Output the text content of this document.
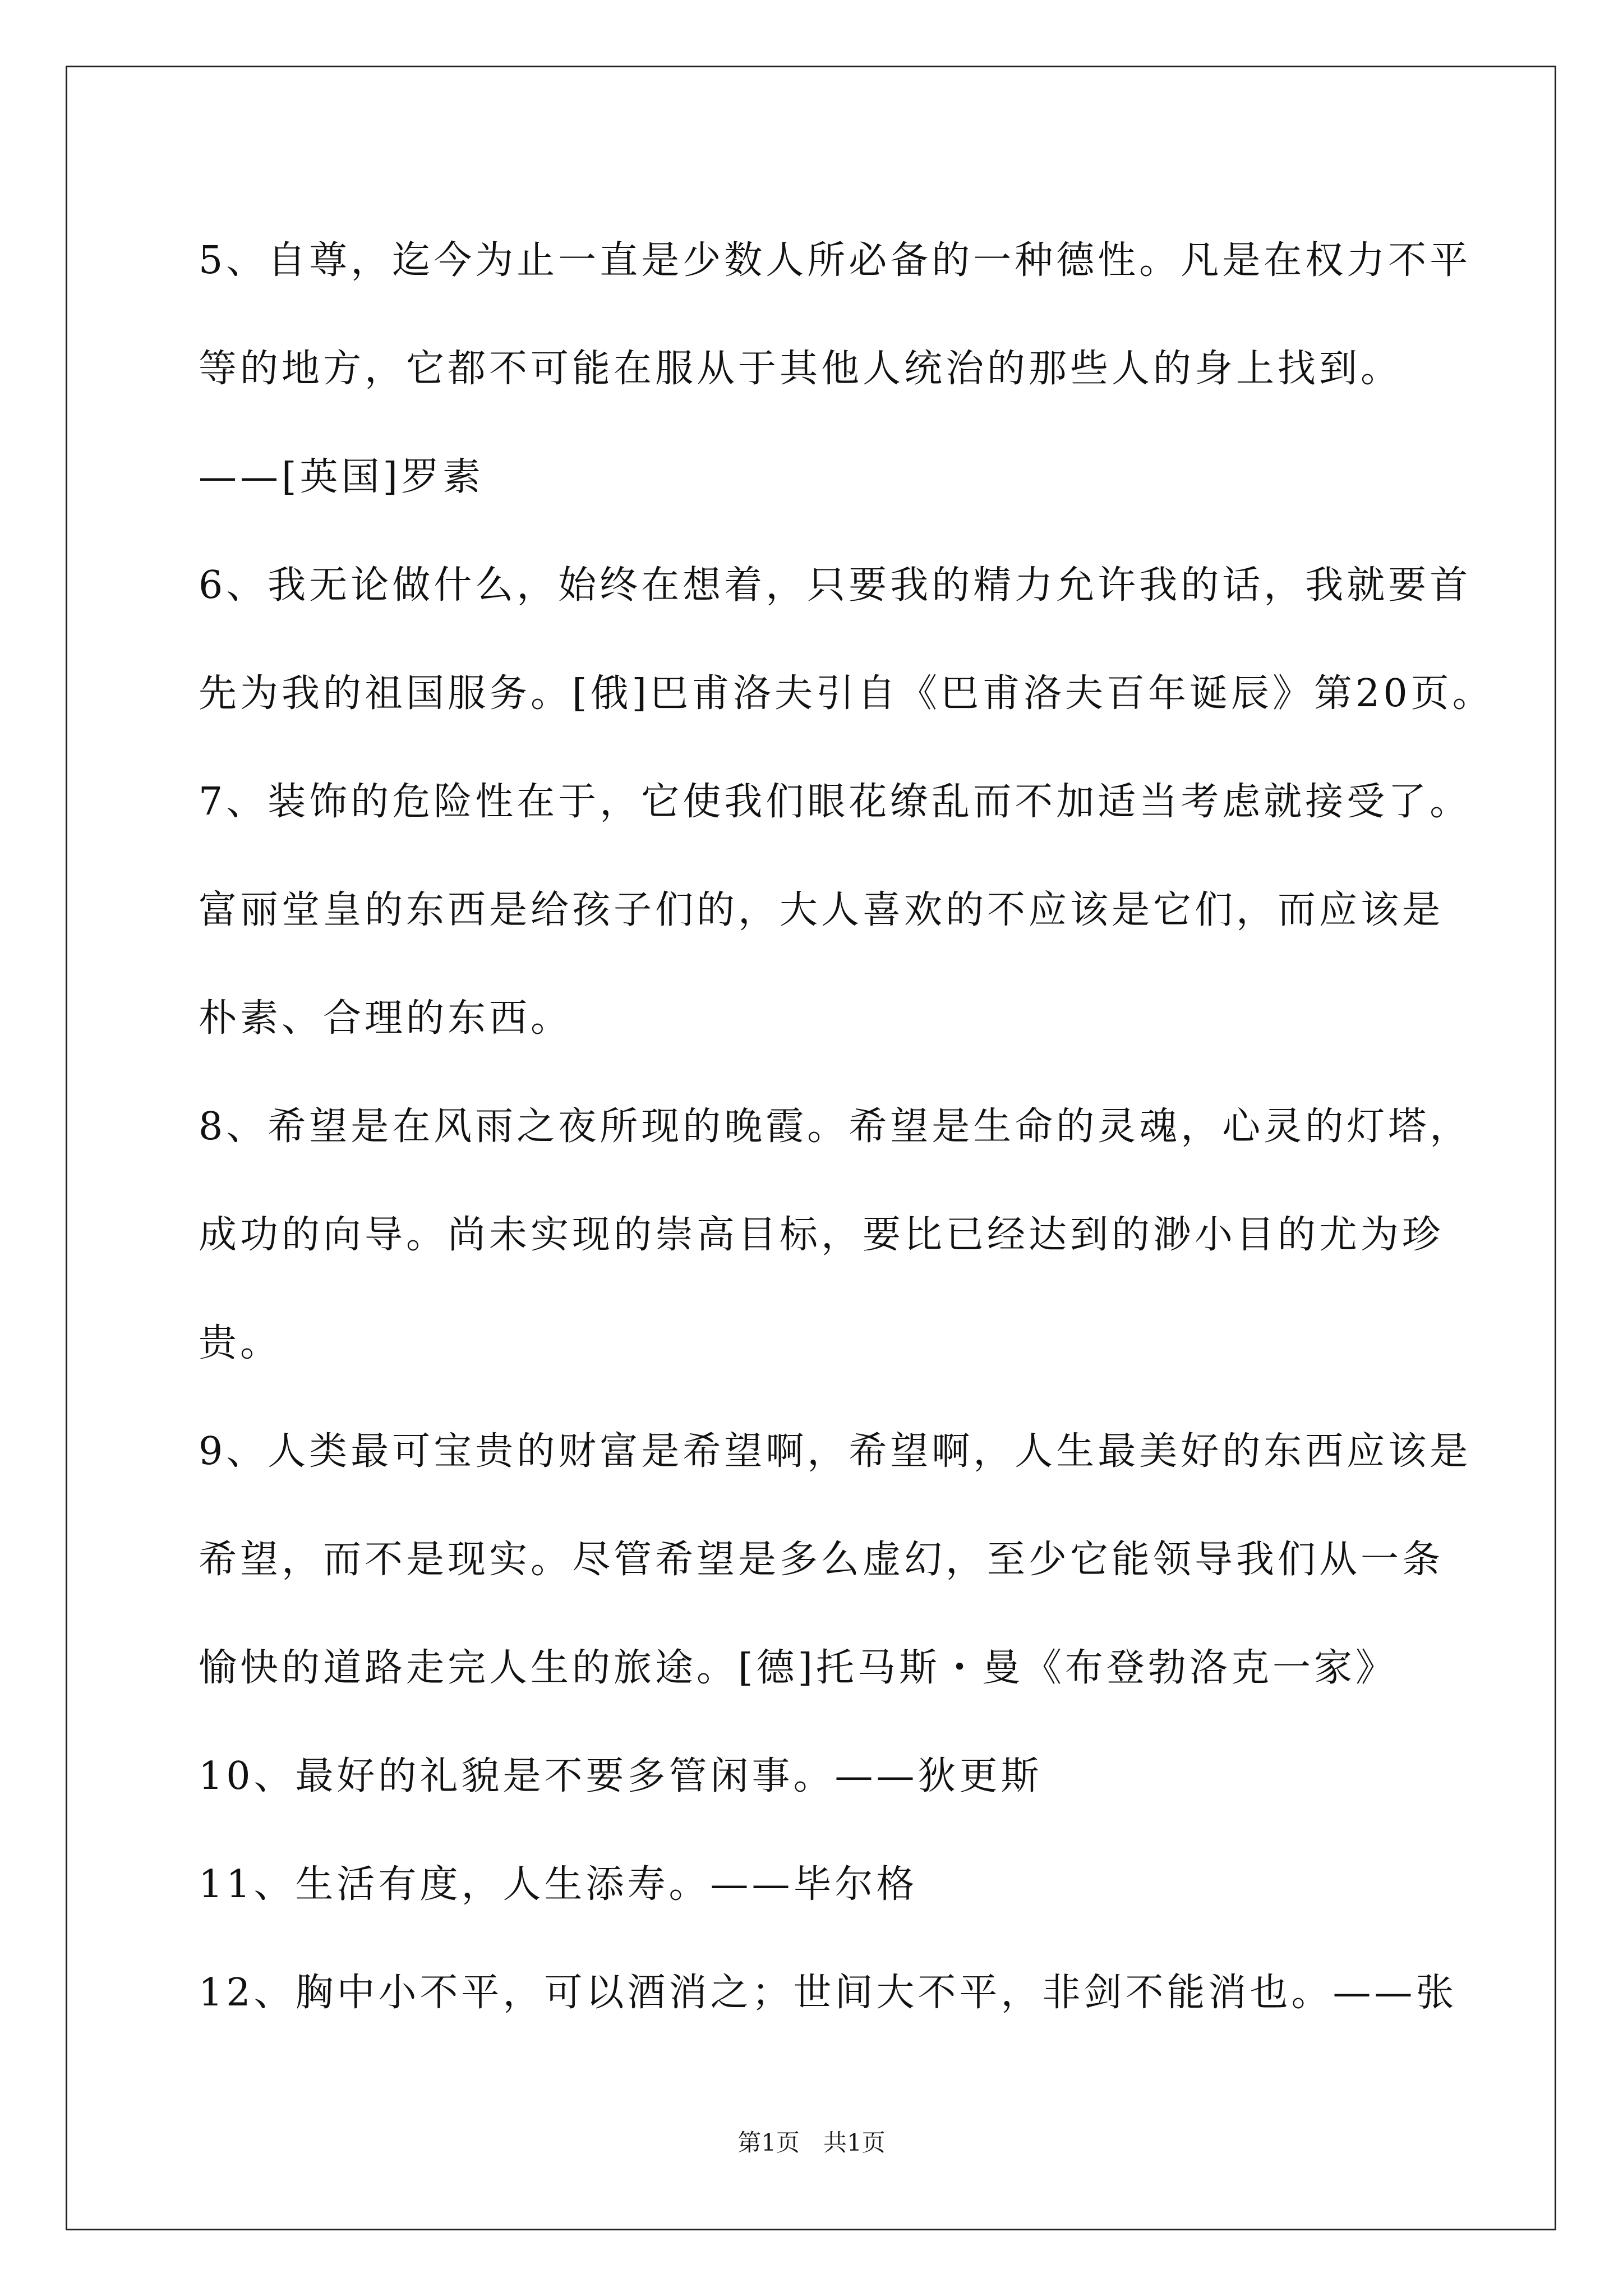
5、自尊，迄今为止一直是少数人所必备的一种德性。凡是在权力不平
等的地方，它都不可能在服从于其他人统治的那些人的身上找到。
——[英国]罗素
6、我无论做什么，始终在想着，只要我的精力允许我的话，我就要首
先为我的祖国服务。[俄]巴甫洛夫引自《巴甫洛夫百年诞辰》第20页。
7、装饰的危险性在于，它使我们眼花缭乱而不加适当考虑就接受了。
富丽堂皇的东西是给孩子们的，大人喜欢的不应该是它们，而应该是
朴素、合理的东西。
8、希望是在风雨之夜所现的晚霞。希望是生命的灵魂，心灵的灯塔，
成功的向导。尚未实现的崇高目标，要比已经达到的渺小目的尤为珍
贵。
9、人类最可宝贵的财富是希望啊，希望啊，人生最美好的东西应该是
希望，而不是现实。尽管希望是多么虚幻，至少它能领导我们从一条
愉快的道路走完人生的旅途。[德]托马斯・曼《布登勃洛克一家》
10、最好的礼貌是不要多管闲事。——狄更斯
11、生活有度，人生添寿。——毕尔格
12、胸中小不平，可以酒消之；世间大不平，非剑不能消也。——张
第1页　共1页
